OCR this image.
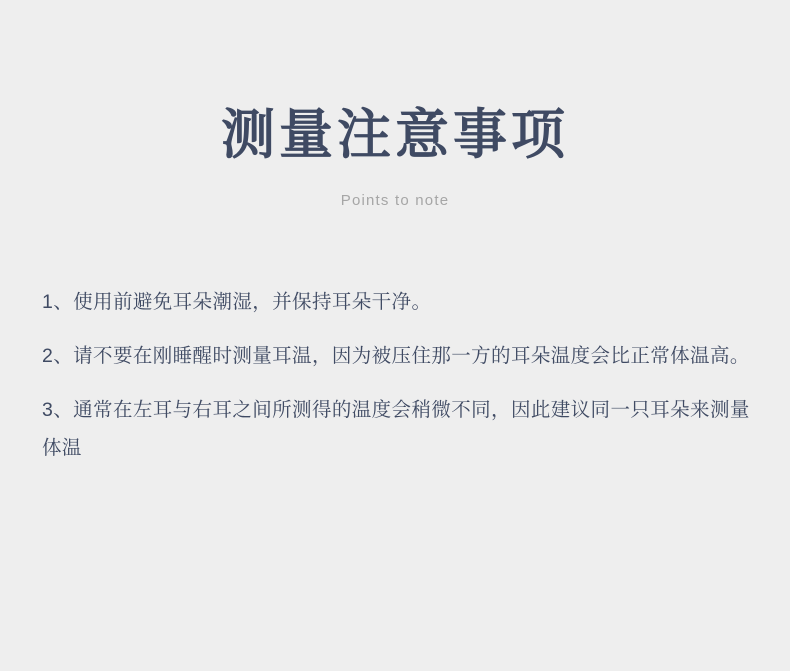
测量注意事项
Points to note

1、使用前避免耳朵潮湿，并保持耳朵干净。

2、请不要在刚睡醒时测量耳温，因为被压住那一方的耳朵温度会比正常体温高。

3、通常在左耳与右耳之间所测得的温度会稍微不同，因此建议同一只耳朵来测量体温
